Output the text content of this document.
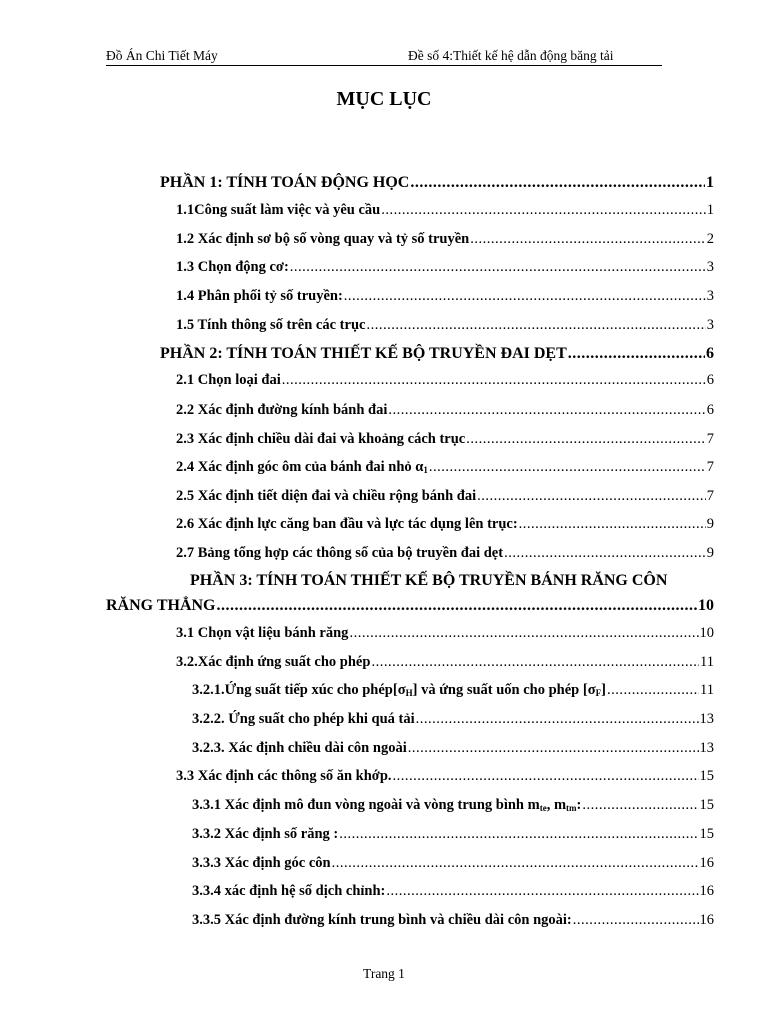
Đồ Án Chi Tiết Máy	Đề số 4:Thiết kế hệ dẫn động băng tải
MỤC LỤC
PHẦN 1: TÍNH TOÁN ĐỘNG HỌC .....	1
1.1Công suất làm việc và yêu cầu .....	1
1.2 Xác định sơ bộ số vòng quay và tỷ số truyền .....	2
1.3 Chọn động cơ: .....	3
1.4 Phân phối tỷ số truyền: .....	3
1.5 Tính thông số trên các trục .....	3
PHẦN 2: TÍNH TOÁN THIẾT KẾ BỘ TRUYỀN ĐAI DẸT .....	6
2.1 Chọn loại đai .....	6
2.2 Xác định đường kính bánh đai .....	6
2.3 Xác định chiều dài đai và khoảng cách trục .....	7
2.4 Xác định góc ôm của bánh đai nhỏ $\alpha_1$ .....	7
2.5 Xác định tiết diện đai và chiều rộng bánh đai .....	7
2.6 Xác định lực căng ban đầu và lực tác dụng lên trục: .....	9
2.7 Bảng tổng hợp các thông số của bộ truyền đai dẹt .....	9
PHẦN 3: TÍNH TOÁN THIẾT KẾ BỘ TRUYỀN BÁNH RĂNG CÔN
RĂNG THẲNG .....	10
3.1 Chọn vật liệu bánh răng .....	10
3.2.Xác định ứng suất cho phép .....	11
3.2.1.Ứng suất tiếp xúc cho $phép[\sigma_H]$ và ứng suất uốn cho phép $[\sigma_F]$ .....	11
3.2.2. Ứng suất cho phép khi quá tải .....	13
3.2.3. Xác định chiều dài côn ngoài .....	13
3.3 Xác định các thông số ăn khớp. .....	15
3.3.1 Xác định mô đun vòng ngoài và vòng trung bình $m_{te}$, $m_{tm}$: .....	15
3.3.2 Xác định số răng : .....	15
3.3.3 Xác định góc côn .....	16
3.3.4 xác định hệ số dịch chỉnh: .....	16
3.3.5 Xác định đường kính trung bình và chiều dài côn ngoài: .....	16
Trang 1
